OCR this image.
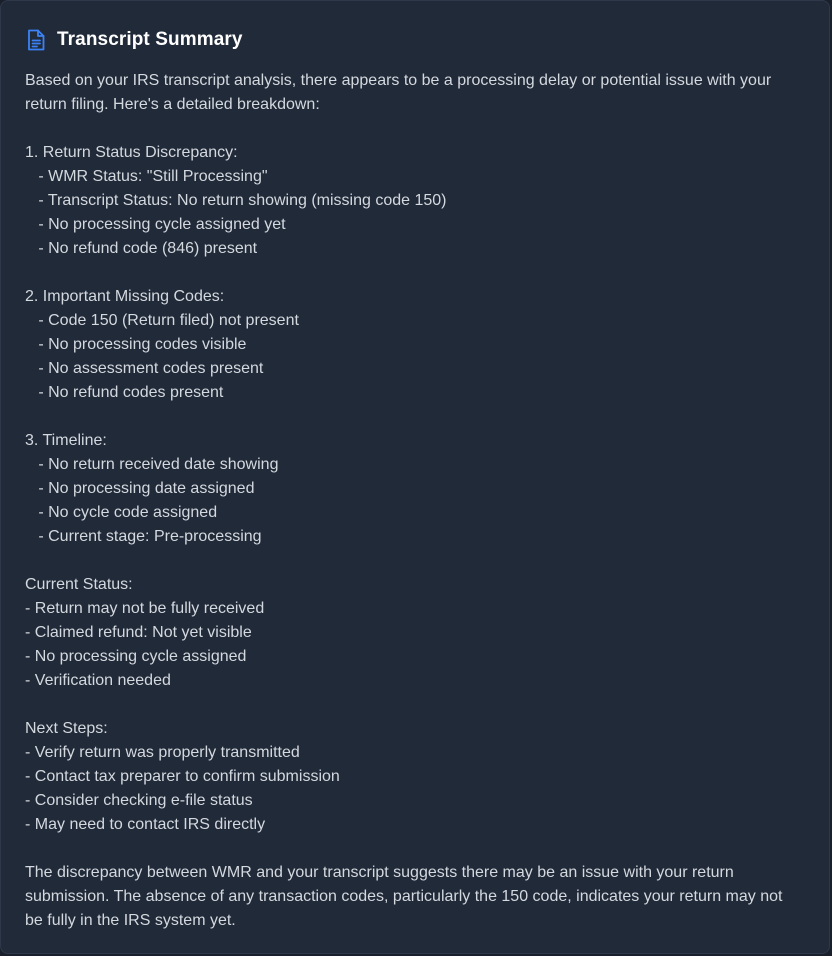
Transcript Summary
Based on your IRS transcript analysis, there appears to be a processing delay or potential issue with your
return filing. Here's a detailed breakdown:
1. Return Status Discrepancy:
- WMR Status: "Still Processing"
- Transcript Status: No return showing (missing code 150)
- No processing cycle assigned yet
- No refund code (846) present
2. Important Missing Codes:
- Code 150 (Return filed) not present
- No processing codes visible
- No assessment codes present
- No refund codes present
3. Timeline:
- No return received date showing
- No processing date assigned
- No cycle code assigned
- Current stage: Pre-processing
Current Status:
- Return may not be fully received
- Claimed refund: Not yet visible
- No processing cycle assigned
- Verification needed
Next Steps:
- Verify return was properly transmitted
- Contact tax preparer to confirm submission
- Consider checking e-file status
- May need to contact IRS directly
The discrepancy between WMR and your transcript suggests there may be an issue with your return
submission. The absence of any transaction codes, particularly the 150 code, indicates your return may not
be fully in the IRS system yet.
